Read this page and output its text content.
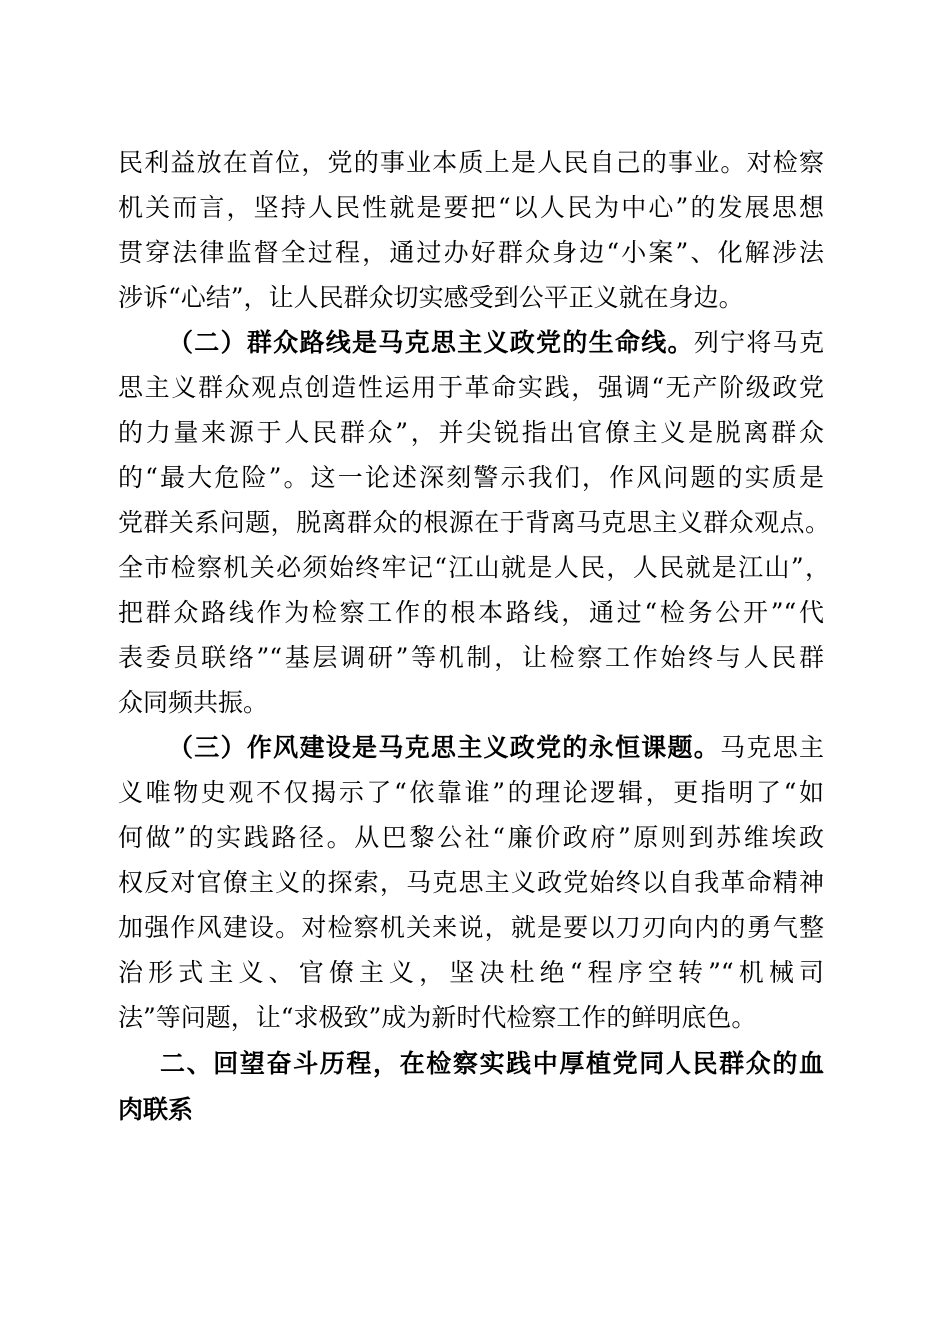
民利益放在首位，党的事业本质上是人民自己的事业。对检察
机关而言，坚持人民性就是要把“以人民为中心”的发展思想
贯穿法律监督全过程，通过办好群众身边“小案”、化解涉法
涉诉“心结”，让人民群众切实感受到公平正义就在身边。
（二）群众路线是马克思主义政党的生命线。列宁将马克
思主义群众观点创造性运用于革命实践，强调“无产阶级政党
的力量来源于人民群众”，并尖锐指出官僚主义是脱离群众
的“最大危险”。这一论述深刻警示我们，作风问题的实质是
党群关系问题，脱离群众的根源在于背离马克思主义群众观点。
全市检察机关必须始终牢记“江山就是人民，人民就是江山”，
把群众路线作为检察工作的根本路线，通过“检务公开”“代
表委员联络”“基层调研”等机制，让检察工作始终与人民群
众同频共振。
（三）作风建设是马克思主义政党的永恒课题。马克思主
义唯物史观不仅揭示了“依靠谁”的理论逻辑，更指明了“如
何做”的实践路径。从巴黎公社“廉价政府”原则到苏维埃政
权反对官僚主义的探索，马克思主义政党始终以自我革命精神
加强作风建设。对检察机关来说，就是要以刀刃向内的勇气整
治形式主义、官僚主义，坚决杜绝“程序空转”“机械司
法”等问题，让“求极致”成为新时代检察工作的鲜明底色。
二、回望奋斗历程，在检察实践中厚植党同人民群众的血
肉联系
